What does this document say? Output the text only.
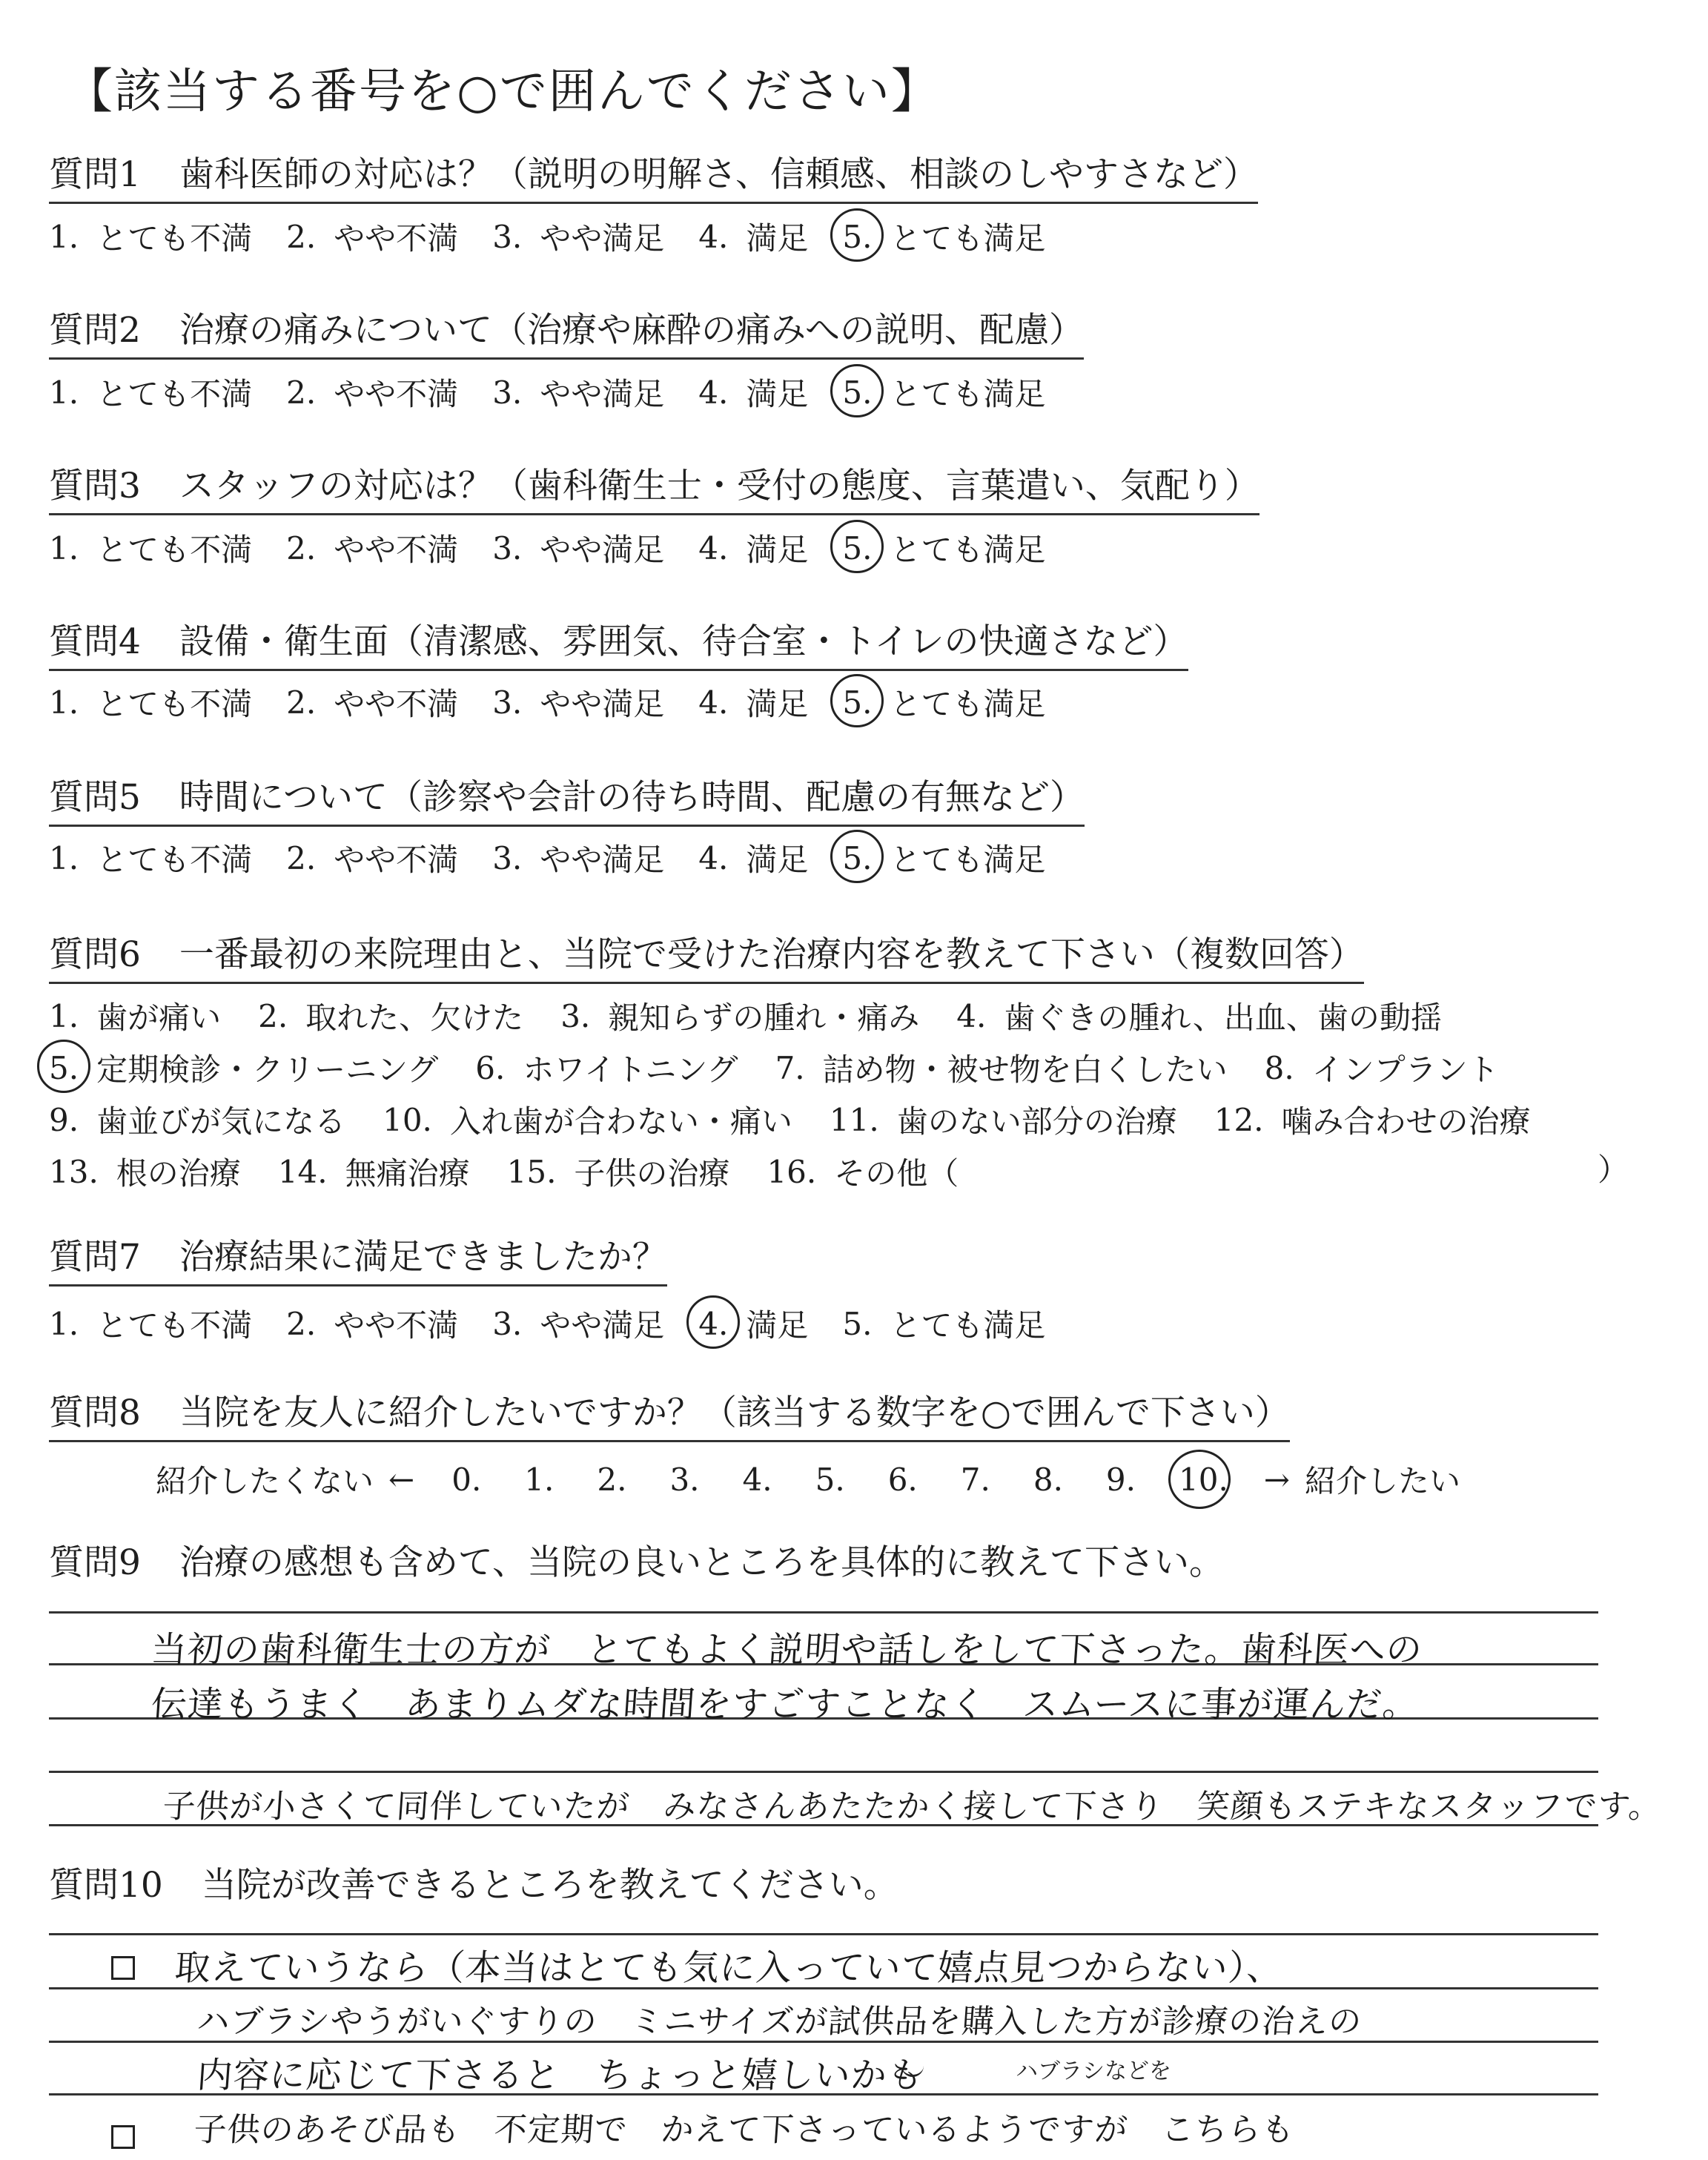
【該当する番号を○で囲んでください】
質問1 歯科医師の対応は？（説明の明解さ、信頼感、相談のしやすさなど）
1. とても不満 2. やや不満 3. やや満足 4. 満足 5. とても満足
質問2 治療の痛みについて（治療や麻酔の痛みへの説明、配慮）
1. とても不満 2. やや不満 3. やや満足 4. 満足 5. とても満足
質問3 スタッフの対応は？（歯科衛生士・受付の態度、言葉遣い、気配り）
1. とても不満 2. やや不満 3. やや満足 4. 満足 5. とても満足
質問4 設備・衛生面（清潔感、雰囲気、待合室・トイレの快適さなど）
1. とても不満 2. やや不満 3. やや満足 4. 満足 5. とても満足
質問5 時間について（診察や会計の待ち時間、配慮の有無など）
1. とても不満 2. やや不満 3. やや満足 4. 満足 5. とても満足
質問6 一番最初の来院理由と、当院で受けた治療内容を教えて下さい（複数回答）
1. 歯が痛い 2. 取れた、欠けた 3. 親知らずの腫れ・痛み 4. 歯ぐきの腫れ、出血、歯の動揺
5. 定期検診・クリーニング 6. ホワイトニング 7. 詰め物・被せ物を白くしたい 8. インプラント
9. 歯並びが気になる 10. 入れ歯が合わない・痛い 11. 歯のない部分の治療 12. 噛み合わせの治療
13. 根の治療 14. 無痛治療 15. 子供の治療 16. その他（	）
質問7 治療結果に満足できましたか？
1. とても不満 2. やや不満 3. やや満足 4. 満足 5. とても満足
質問8 当院を友人に紹介したいですか？（該当する数字を○で囲んで下さい）
紹介したくない ← 0. 1. 2. 3. 4. 5. 6. 7. 8. 9. 10. → 紹介したい
質問9 治療の感想も含めて、当院の良いところを具体的に教えて下さい。
当初の歯科衛生士の方が　とてもよく説明や話しをして下さった。歯科医への
伝達もうまく　あまりムダな時間をすごすことなく　スムースに事が運んだ。
子供が小さくて同伴していたが　みなさんあたたかく接して下さり　笑顔もステキなスタッフです。
質問10 当院が改善できるところを教えてください。
取えていうなら（本当はとても気に入っていて嬉点見つからない）、
ハブラシやうがいぐすりの　ミニサイズが試供品を購入した方が診療の治えの
内容に応じて下さると　ちょっと嬉しいかも	ハブラシなどを
子供のあそび品も　不定期で　かえて下さっているようですが　こちらも
